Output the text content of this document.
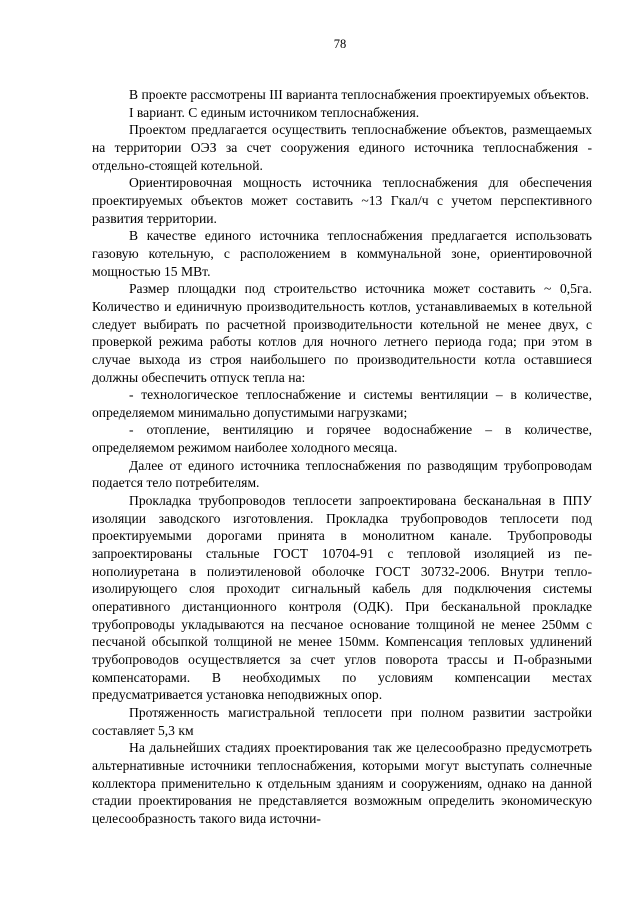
78

В проекте рассмотрены III варианта теплоснабжения проектируемых объектов.

I вариант. С единым источником теплоснабжения.

Проектом предлагается осуществить теплоснабжение объектов, размещаемых на территории ОЭЗ за счет сооружения единого источника теплоснабжения - отдельно-стоящей котельной.

Ориентировочная мощность источника теплоснабжения для обеспечения проектируемых объектов может составить ~13 Гкал/ч с учетом перспективного развития территории.

В качестве единого источника теплоснабжения предлагается использовать газовую котельную, с расположением в коммунальной зоне, ориентировочной мощностью 15 МВт.

Размер площадки под строительство источника может составить ~ 0,5га. Количество и единичную производительность котлов, устанавливаемых в котельной следует выбирать по расчетной производительности котельной не менее двух, с проверкой режима работы котлов для ночного летнего периода года; при этом в случае выхода из строя наибольшего по производительности котла оставшиеся должны обеспечить отпуск тепла на:

- технологическое теплоснабжение и системы вентиляции – в количестве, определяемом минимально допустимыми нагрузками;

- отопление, вентиляцию и горячее водоснабжение – в количестве, определяемом режимом наиболее холодного месяца.

Далее от единого источника теплоснабжения по разводящим трубопроводам подается тело потребителям.

Прокладка трубопроводов теплосети запроектирована бесканальная в ППУ изоляции заводского изготовления. Прокладка трубопроводов теплосети под проектируемыми дорогами принята в монолитном канале. Трубопроводы запроектированы стальные ГОСТ 10704-91 с тепловой изоляцией из пенополиуретана в полиэтиленовой оболочке ГОСТ 30732-2006. Внутри теплоизолирующего слоя проходит сигнальный кабель для подключения системы оперативного дистанционного контроля (ОДК). При бесканальной прокладке трубопроводы укладываются на песчаное основание толщиной не менее 250мм с песчаной обсыпкой толщиной не менее 150мм. Компенсация тепловых удлинений трубопроводов осуществляется за счет углов поворота трассы и П-образными компенсаторами. В необходимых по условиям компенсации местах предусматривается установка неподвижных опор.

Протяженность магистральной теплосети при полном развитии застройки составляет 5,3 км

На дальнейших стадиях проектирования так же целесообразно предусмотреть альтернативные источники теплоснабжения, которыми могут выступать солнечные коллектора применительно к отдельным зданиям и сооружениям, однако на данной стадии проектирования не представляется возможным определить экономическую целесообразность такого вида источни-
